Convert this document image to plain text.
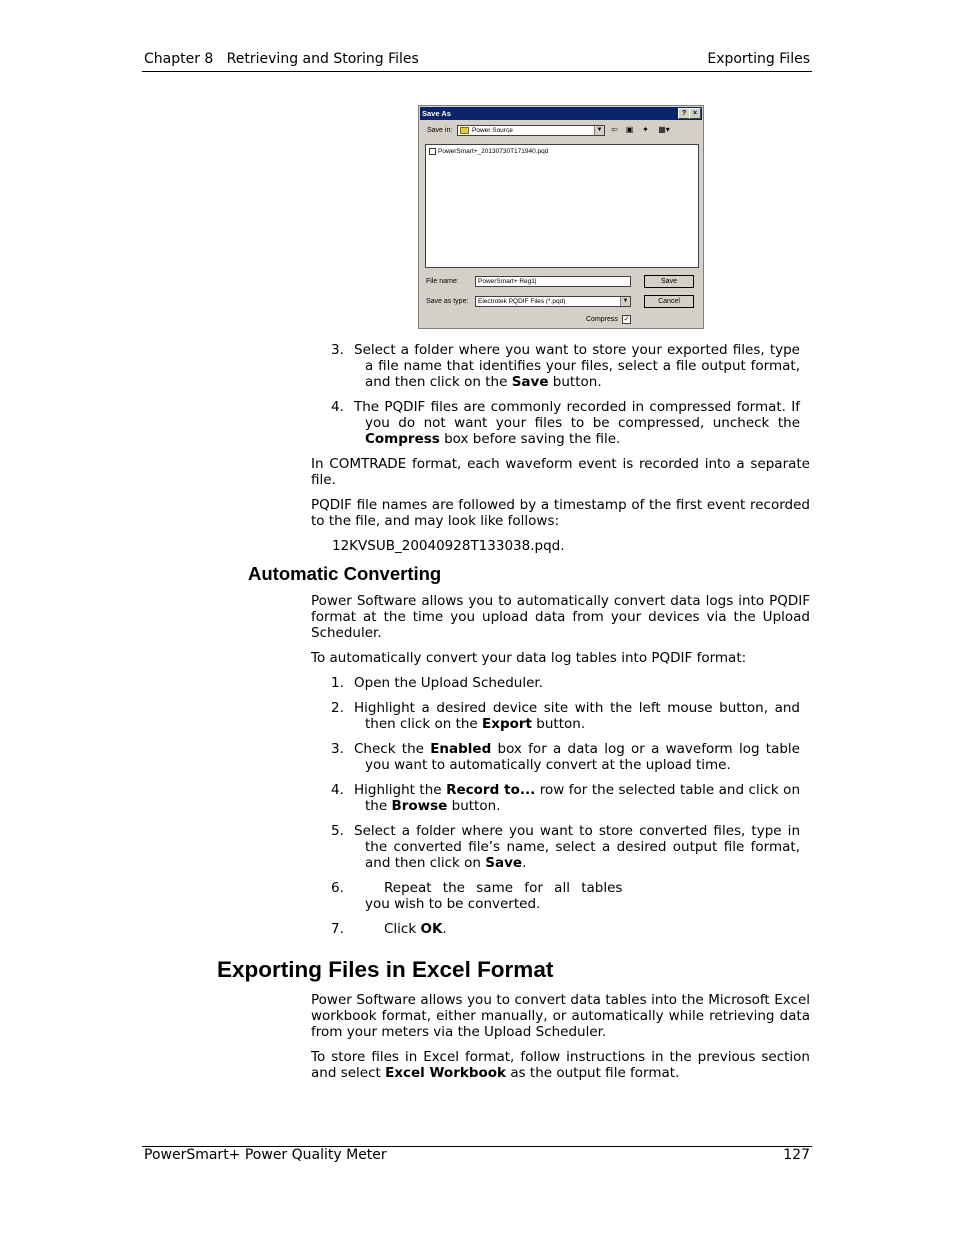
Chapter 8   Retrieving and Storing Files	Exporting Files
Save As	? ×
Save in:	Power Source	▼ ⇦ ▣ ✦ ▦▾
PowerSmart+_20130730T171940.pqd
File name:	PowerSmart+ Reg1|	Save
Save as type:	Electrotek PQDIF Files (*.pqd)	▼	Cancel
Compress ✓
3. Select a folder where you want to store your exported files, type a file name that identifies your files, select a file output format, and then click on the Save button.
4. The PQDIF files are commonly recorded in compressed format. If you do not want your files to be compressed, uncheck the Compress box before saving the file.
In COMTRADE format, each waveform event is recorded into a separate file.
PQDIF file names are followed by a timestamp of the first event recorded to the file, and may look like follows:
12KVSUB_20040928T133038.pqd.
Automatic Converting
Power Software allows you to automatically convert data logs into PQDIF format at the time you upload data from your devices via the Upload Scheduler.
To automatically convert your data log tables into PQDIF format:
1. Open the Upload Scheduler.
2. Highlight a desired device site with the left mouse button, and then click on the Export button.
3. Check the Enabled box for a data log or a waveform log table you want to automatically convert at the upload time.
4. Highlight the Record to... row for the selected table and click on the Browse button.
5. Select a folder where you want to store converted files, type in the converted file’s name, select a desired output file format, and then click on Save.
6.	Repeat the same for all tables
you wish to be converted.
7.	Click OK.
Exporting Files in Excel Format
Power Software allows you to convert data tables into the Microsoft Excel workbook format, either manually, or automatically while retrieving data from your meters via the Upload Scheduler.
To store files in Excel format, follow instructions in the previous section and select Excel Workbook as the output file format.
PowerSmart+ Power Quality Meter	127
